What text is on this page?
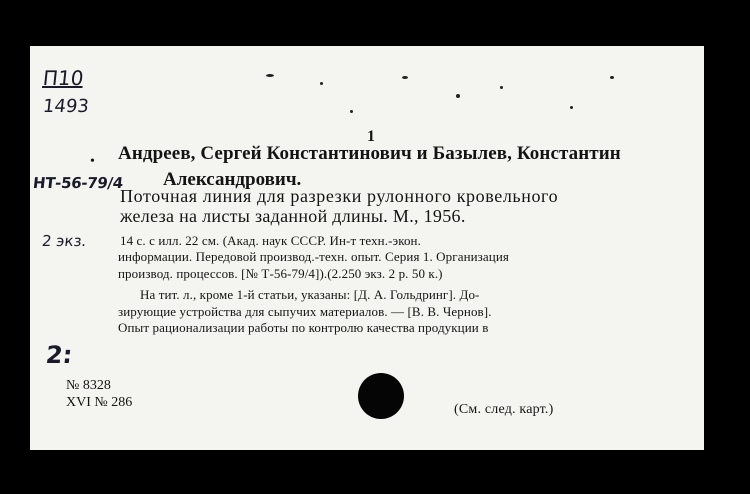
П10
1493
1
• Андреев, Сергей Константинович и Базылев, Константин
НТ-56-79/4 Александрович.
Поточная линия для разрезки рулонного кровельного
железа на листы заданной длины. М., 1956.
2 экз.	14 с. с илл. 22 см. (Акад. наук СССР. Ин-т техн.-экон.
информации. Передовой производ.-техн. опыт. Серия 1. Организация
производ. процессов. [№ Т-56-79/4]).(2.250 экз. 2 р. 50 к.)
На тит. л., кроме 1-й статьи, указаны: [Д. А. Гольдринг]. До-
зирующие устройства для сыпучих материалов. — [В. В. Чернов].
Опыт рационализации работы по контролю качества продукции в
2:
№ 8328
XVI № 286	(См. след. карт.)
